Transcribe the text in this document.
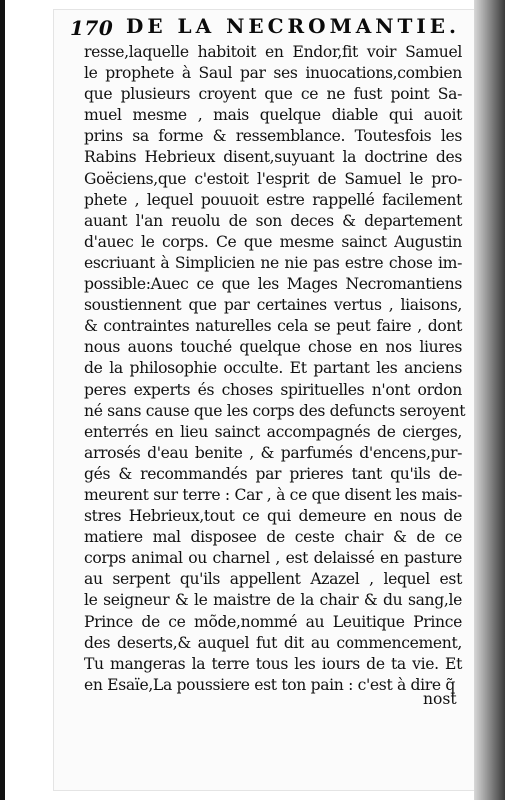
170 DE LA NECROMANTIE.
resse,laquelle habitoit en Endor,fit voir Samuel
le prophete à Saul par ses inuocations,combien
que plusieurs croyent que ce ne fust point Sa-
muel mesme , mais quelque diable qui auoit
prins sa forme & ressemblance. Toutesfois les
Rabins Hebrieux disent,suyuant la doctrine des
Goëciens,que c'estoit l'esprit de Samuel le pro-
phete , lequel pouuoit estre rappellé facilement
auant l'an reuolu de son deces & departement
d'auec le corps. Ce que mesme sainct Augustin
escriuant à Simplicien ne nie pas estre chose im-
possible:Auec ce que les Mages Necromantiens
soustiennent que par certaines vertus , liaisons,
& contraintes naturelles cela se peut faire , dont
nous auons touché quelque chose en nos liures
de la philosophie occulte. Et partant les anciens
peres experts és choses spirituelles n'ont ordon
né sans cause que les corps des defuncts seroyent
enterrés en lieu sainct accompagnés de cierges,
arrosés d'eau benite , & parfumés d'encens,pur-
gés & recommandés par prieres tant qu'ils de-
meurent sur terre : Car , à ce que disent les mais-
stres Hebrieux,tout ce qui demeure en nous de
matiere mal disposee de ceste chair & de ce
corps animal ou charnel , est delaissé en pasture
au serpent qu'ils appellent Azazel , lequel est
le seigneur & le maistre de la chair & du sang,le
Prince de ce mõde,nommé au Leuitique Prince
des deserts,& auquel fut dit au commencement,
Tu mangeras la terre tous les iours de ta vie. Et
en Esaïe,La poussiere est ton pain : c'est à dire q̃
nost
